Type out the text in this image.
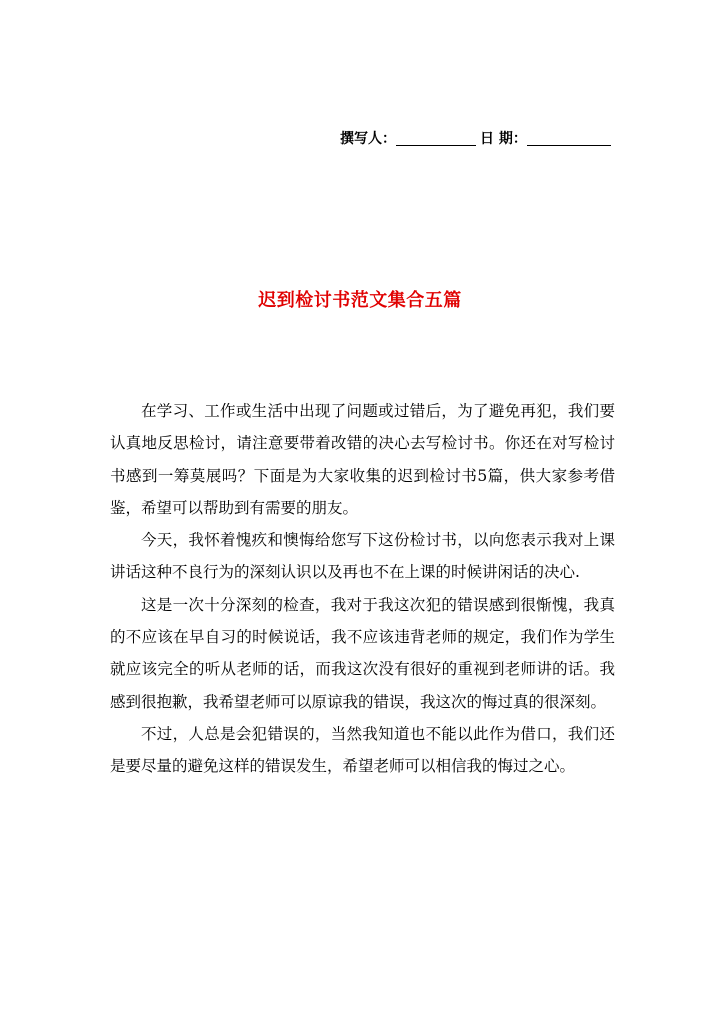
撰写人：	日 期：
迟到检讨书范文集合五篇

在学习、工作或生活中出现了问题或过错后，为了避免再犯，我们要认真地反思检讨，请注意要带着改错的决心去写检讨书。你还在对写检讨书感到一筹莫展吗？下面是为大家收集的迟到检讨书5篇，供大家参考借鉴，希望可以帮助到有需要的朋友。

今天，我怀着愧疚和懊悔给您写下这份检讨书，以向您表示我对上课讲话这种不良行为的深刻认识以及再也不在上课的时候讲闲话的决心.

这是一次十分深刻的检查，我对于我这次犯的错误感到很惭愧，我真的不应该在早自习的时候说话，我不应该违背老师的规定，我们作为学生就应该完全的听从老师的话，而我这次没有很好的重视到老师讲的话。我感到很抱歉，我希望老师可以原谅我的错误，我这次的悔过真的很深刻。

不过，人总是会犯错误的，当然我知道也不能以此作为借口，我们还是要尽量的避免这样的错误发生，希望老师可以相信我的悔过之心。
